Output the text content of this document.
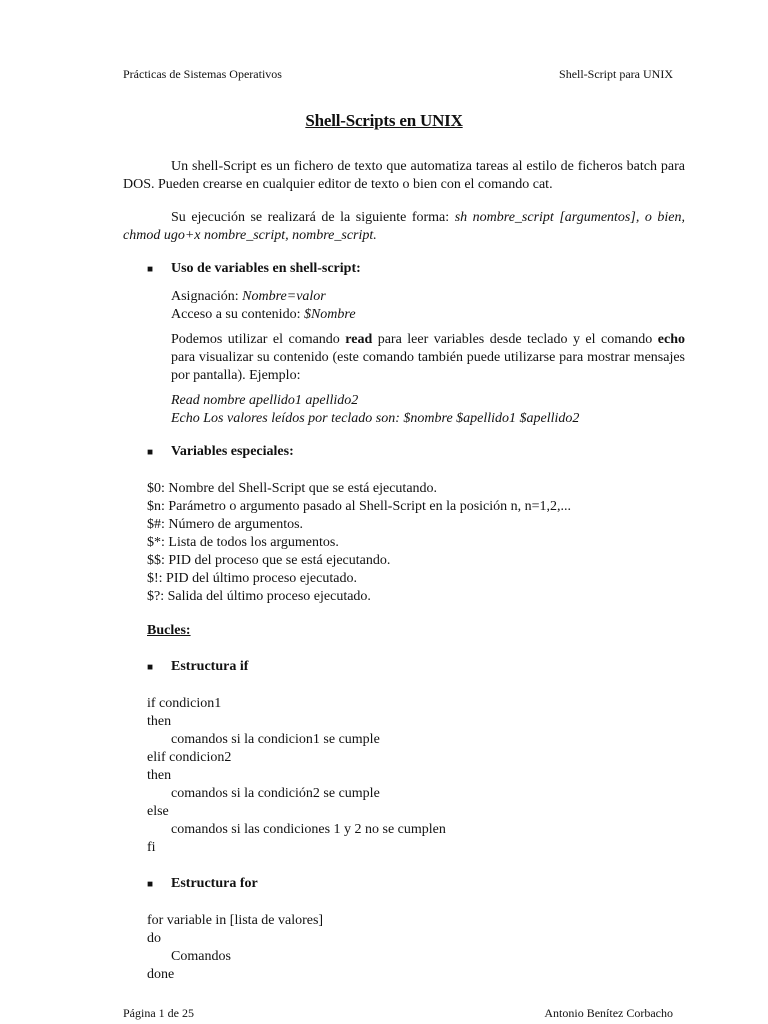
Prácticas de Sistemas Operativos	Shell-Script para UNIX
Shell-Scripts en UNIX

Un shell-Script es un fichero de texto que automatiza tareas al estilo de ficheros batch para DOS. Pueden crearse en cualquier editor de texto o bien con el comando cat.

Su ejecución se realizará de la siguiente forma: sh nombre_script [argumentos], o bien, chmod ugo+x nombre_script, nombre_script.

■	Uso de variables en shell-script:

Asignación: Nombre=valor

Acceso a su contenido: $Nombre

Podemos utilizar el comando read para leer variables desde teclado y el comando echo para visualizar su contenido (este comando también puede utilizarse para mostrar mensajes por pantalla). Ejemplo:

Read nombre apellido1 apellido2

Echo Los valores leídos por teclado son: $nombre $apellido1 $apellido2

■	Variables especiales:
$0: Nombre del Shell-Script que se está ejecutando.
$n: Parámetro o argumento pasado al Shell-Script en la posición n, n=1,2,...
$#: Número de argumentos.
$*: Lista de todos los argumentos.
$$: PID del proceso que se está ejecutando.
$!: PID del último proceso ejecutado.
$?: Salida del último proceso ejecutado.
Bucles:
■	Estructura if
if condicion1
then
comandos si la condicion1 se cumple
elif condicion2
then
comandos si la condición2 se cumple
else
comandos si las condiciones 1 y 2 no se cumplen
fi
■	Estructura for
for variable in [lista de valores]
do
Comandos
done
Página 1 de 25	Antonio Benítez Corbacho
